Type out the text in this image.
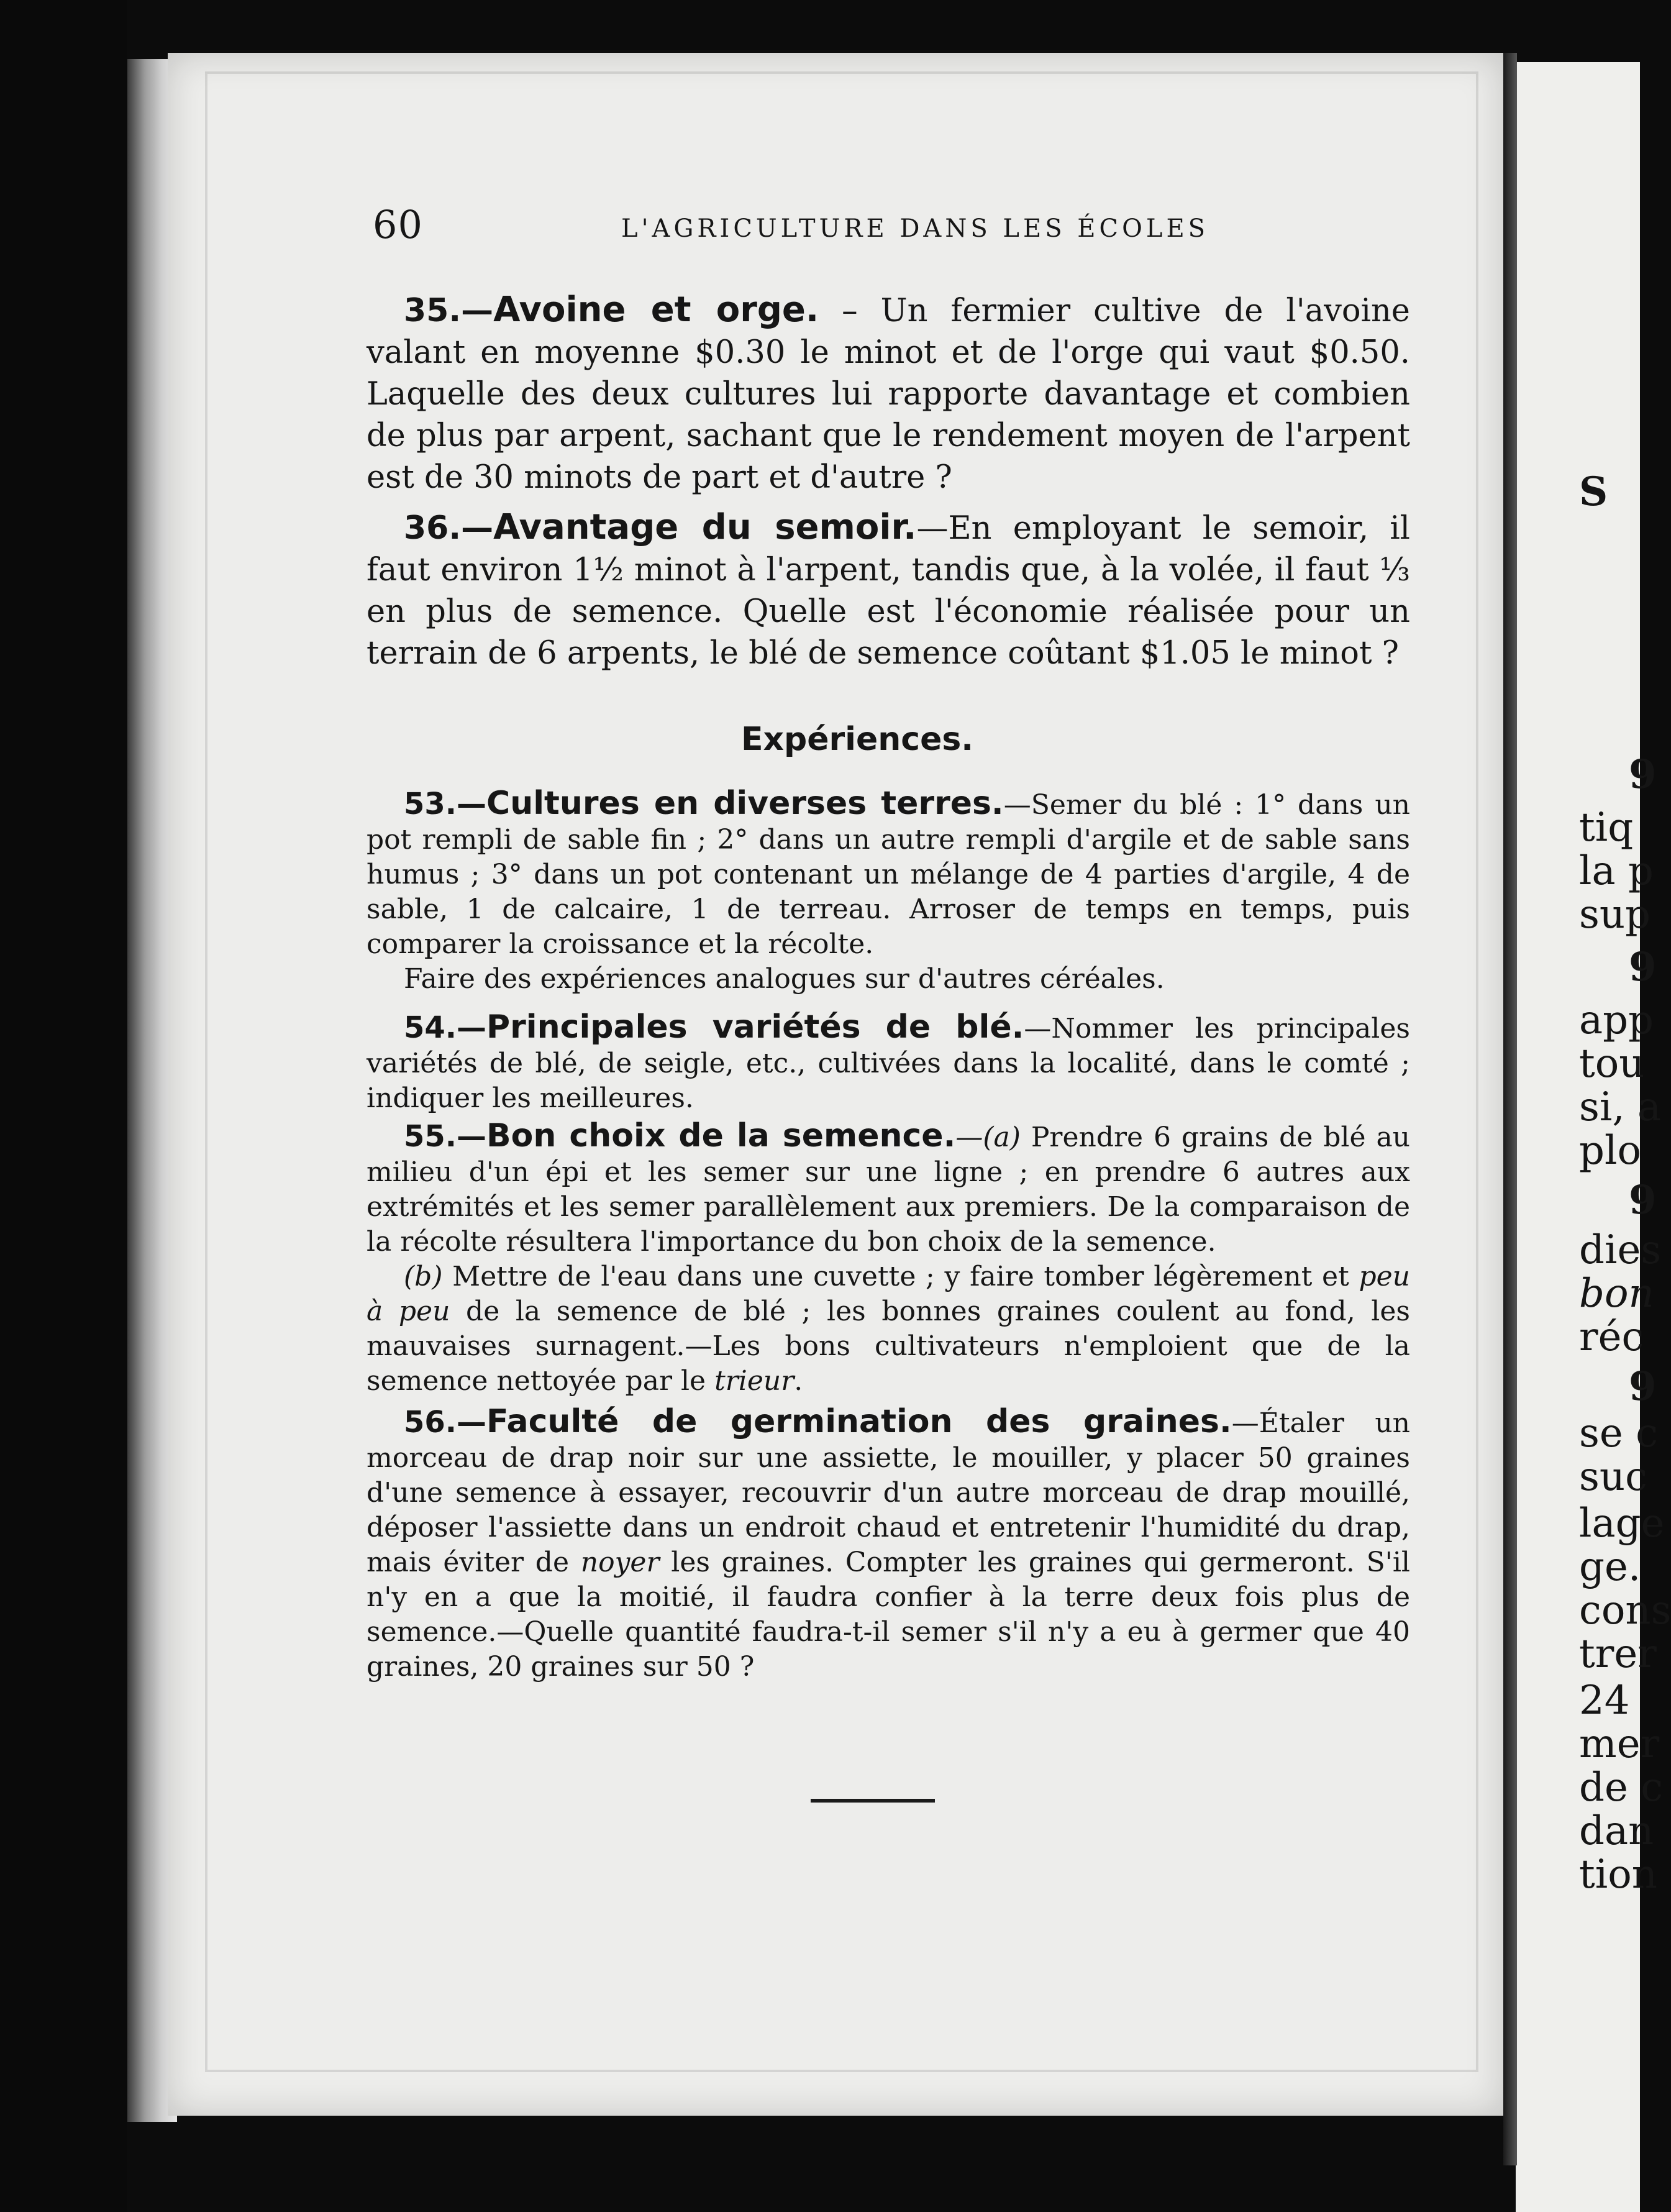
S
9
tiq
la p
sup
9
app
tou
si, a
plo
9
dies
bon
réc
9
se c
suc
lage
ge.
cons
trer
24
mer
de c
dan
tion
60	L'AGRICULTURE DANS LES ÉCOLES

35.—Avoine et orge. – Un fermier cultive de l'avoine valant en moyenne $0.30 le minot et de l'orge qui vaut $0.50. Laquelle des deux cultures lui rapporte davantage et combien de plus par arpent, sachant que le rendement moyen de l'arpent est de 30 minots de part et d'autre ?

36.—Avantage du semoir.—En employant le semoir, il faut environ 1½ minot à l'arpent, tandis que, à la volée, il faut ⅓ en plus de semence. Quelle est l'économie réalisée pour un terrain de 6 arpents, le blé de semence coûtant $1.05 le minot ?

Expériences.

53.—Cultures en diverses terres.—Semer du blé : 1° dans un pot rempli de sable fin ; 2° dans un autre rempli d'argile et de sable sans humus ; 3° dans un pot contenant un mélange de 4 parties d'argile, 4 de sable, 1 de calcaire, 1 de terreau. Arroser de temps en temps, puis comparer la croissance et la récolte.

Faire des expériences analogues sur d'autres céréales.

54.—Principales variétés de blé.—Nommer les principales variétés de blé, de seigle, etc., cultivées dans la localité, dans le comté ; indiquer les meilleures.

55.—Bon choix de la semence.—(a) Prendre 6 grains de blé au milieu d'un épi et les semer sur une ligne ; en prendre 6 autres aux extrémités et les semer parallèlement aux premiers. De la comparaison de la récolte résultera l'importance du bon choix de la semence.

(b) Mettre de l'eau dans une cuvette ; y faire tomber légèrement et peu à peu de la semence de blé ; les bonnes graines coulent au fond, les mauvaises surnagent.—Les bons cultivateurs n'emploient que de la semence nettoyée par le trieur.

56.—Faculté de germination des graines.—Étaler un morceau de drap noir sur une assiette, le mouiller, y placer 50 graines d'une semence à essayer, recouvrir d'un autre morceau de drap mouillé, déposer l'assiette dans un endroit chaud et entretenir l'humidité du drap, mais éviter de noyer les graines. Compter les graines qui germeront. S'il n'y en a que la moitié, il faudra confier à la terre deux fois plus de semence.—Quelle quantité faudra-t-il semer s'il n'y a eu à germer que 40 graines, 20 graines sur 50 ?
